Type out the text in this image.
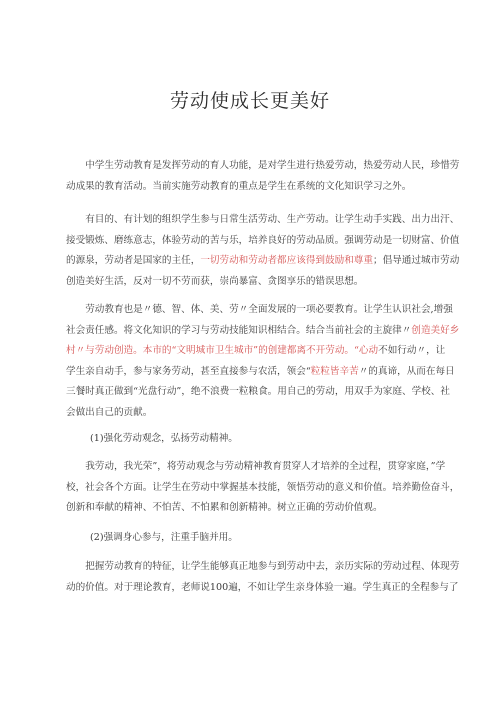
劳动使成长更美好
中学生劳动教育是发挥劳动的育人功能，是对学生进行热爱劳动，热爱劳动人民，珍惜劳
动成果的教育活动。当前实施劳动教育的重点是学生在系统的文化知识学习之外。
有目的、有计划的组织学生参与日常生活劳动、生产劳动。让学生动手实践、出力出汗、
接受锻炼、磨练意志，体验劳动的苦与乐，培养良好的劳动品质。强调劳动是一切财富、价值
的源泉，劳动者是国家的主任，一切劳动和劳动者都应该得到鼓励和尊重；倡导通过城市劳动
创造美好生活，反对一切不劳而获，崇尚暴富、贪图享乐的错误思想。
劳动教育也是〃德、智、体、美、劳〃全面发展的一项必要教育。让学生认识社会,增强
社会责任感。将文化知识的学习与劳动技能知识相结合。结合当前社会的主旋律〃创造美好乡
村〃与劳动创造。本市的“文明城市卫生城市”的创建都离不开劳动。“心动不如行动〃，让
学生亲自动手，参与家务劳动，甚至直接参与农活，领会“粒粒皆辛苦〃的真谛，从而在每日
三餐时真正做到“光盘行动”，绝不浪费一粒粮食。用自己的劳动，用双手为家庭、学校、社
会做出自己的贡献。
(1)强化劳动观念，弘扬劳动精神。
我劳动，我光荣”，将劳动观念与劳动精神教育贯穿人才培养的全过程，贯穿家庭，”学
校，社会各个方面。让学生在劳动中掌握基本技能，领悟劳动的意义和价值。培养勤俭奋斗，
创新和奉献的精神、不怕苦、不怕累和创新精神。树立正确的劳动价值观。
(2)强调身心参与，注重手脑并用。
把握劳动教育的特征，让学生能够真正地参与到劳动中去，亲历实际的劳动过程、体现劳
动的价值。对于理论教育，老师说100遍，不如让学生亲身体验一遍。学生真正的全程参与了
